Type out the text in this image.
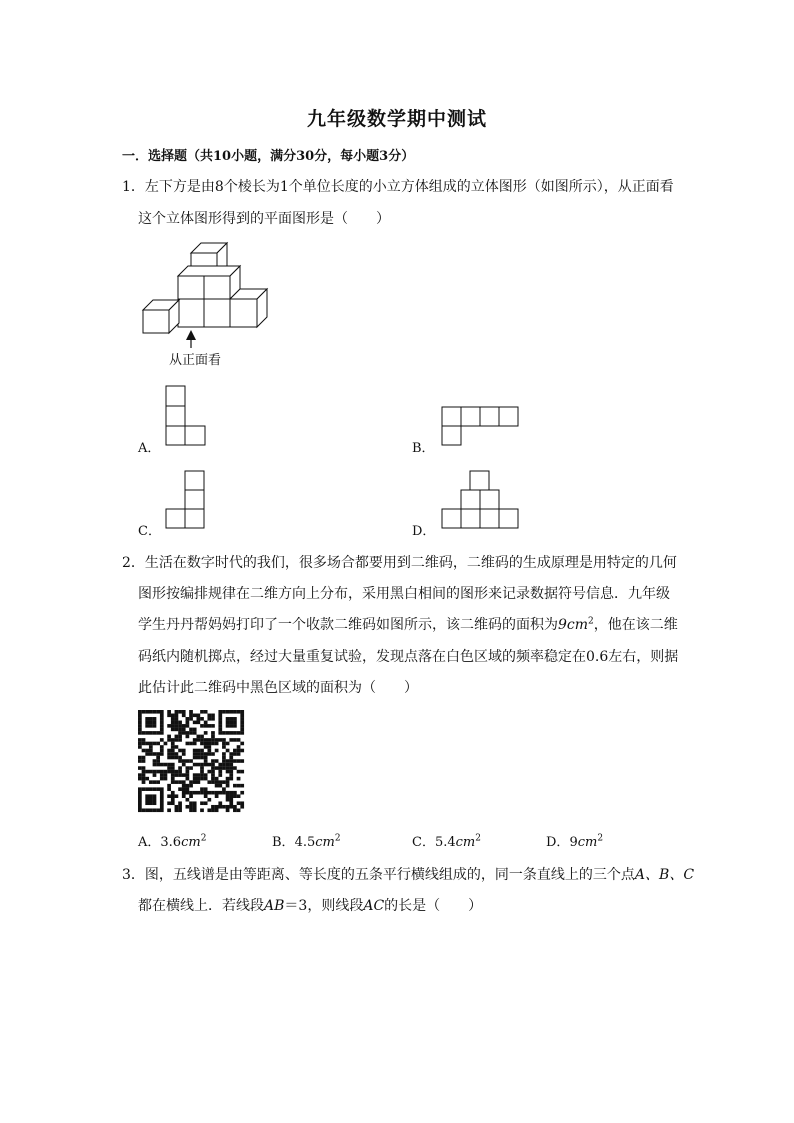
九年级数学期中测试
一．选择题（共10小题，满分30分，每小题3分）
1．左下方是由8个棱长为1个单位长度的小立方体组成的立体图形（如图所示），从正面看
这个立体图形得到的平面图形是（　　）
从正面看
A．	B．
C．	D．
2．生活在数字时代的我们，很多场合都要用到二维码，二维码的生成原理是用特定的几何
图形按编排规律在二维方向上分布，采用黑白相间的图形来记录数据符号信息．九年级
学生丹丹帮妈妈打印了一个收款二维码如图所示，该二维码的面积为$9cm^2$，他在该二维
码纸内随机掷点，经过大量重复试验，发现点落在白色区域的频率稳定在0.6左右，则据
此估计此二维码中黑色区域的面积为（　　）
A．$3.6cm^2$	B．$4.5cm^2$	C．$5.4cm^2$	D．$9cm^2$
3．图，五线谱是由等距离、等长度的五条平行横线组成的，同一条直线上的三个点A、B、C
都在横线上．若线段AB＝3，则线段AC的长是（　　）
